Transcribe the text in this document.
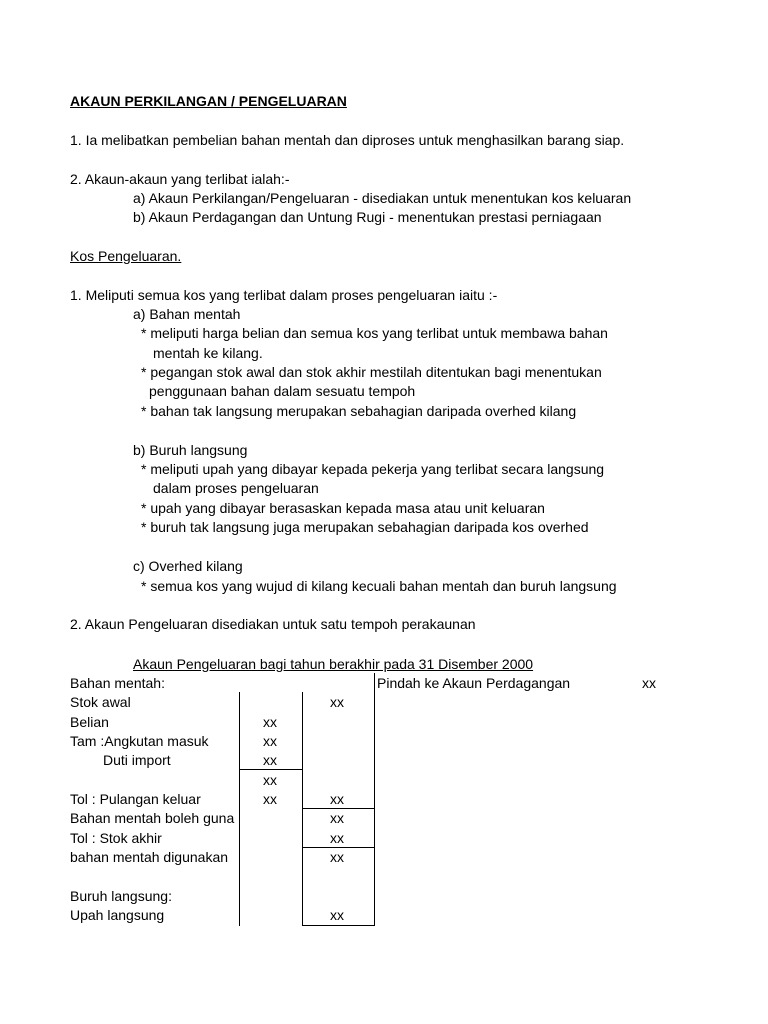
AKAUN PERKILANGAN / PENGELUARAN
1. Ia melibatkan pembelian bahan mentah dan diproses untuk menghasilkan barang siap.
2. Akaun-akaun yang terlibat ialah:-
a) Akaun Perkilangan/Pengeluaran - disediakan untuk menentukan kos keluaran
b) Akaun Perdagangan dan Untung Rugi - menentukan prestasi perniagaan
Kos Pengeluaran.
1. Meliputi semua kos yang terlibat dalam proses pengeluaran iaitu :-
a) Bahan mentah
* meliputi harga belian dan semua kos yang terlibat untuk membawa bahan
mentah ke kilang.
* pegangan stok awal dan stok akhir mestilah ditentukan bagi menentukan
penggunaan bahan dalam sesuatu tempoh
* bahan tak langsung merupakan sebahagian daripada overhed kilang
b) Buruh langsung
* meliputi upah yang dibayar kepada pekerja yang terlibat secara langsung
dalam proses pengeluaran
* upah yang dibayar berasaskan kepada masa atau unit keluaran
* buruh tak langsung juga merupakan sebahagian daripada kos overhed
c) Overhed kilang
* semua kos yang wujud di kilang kecuali bahan mentah dan buruh langsung
2. Akaun Pengeluaran disediakan untuk satu tempoh perakaunan
Akaun Pengeluaran bagi tahun berakhir pada 31 Disember 2000
Pindah ke Akaun Perdagangan	xx
Bahan mentah:
Stok awal
Belian
Tam :Angkutan masuk
Duti import
Tol : Pulangan keluar
Bahan mentah boleh guna
Tol : Stok akhir
bahan mentah digunakan
Buruh langsung:
Upah langsung
xx
xx
xx
xx
xx
xx
xx
xx
xx
xx
xx
